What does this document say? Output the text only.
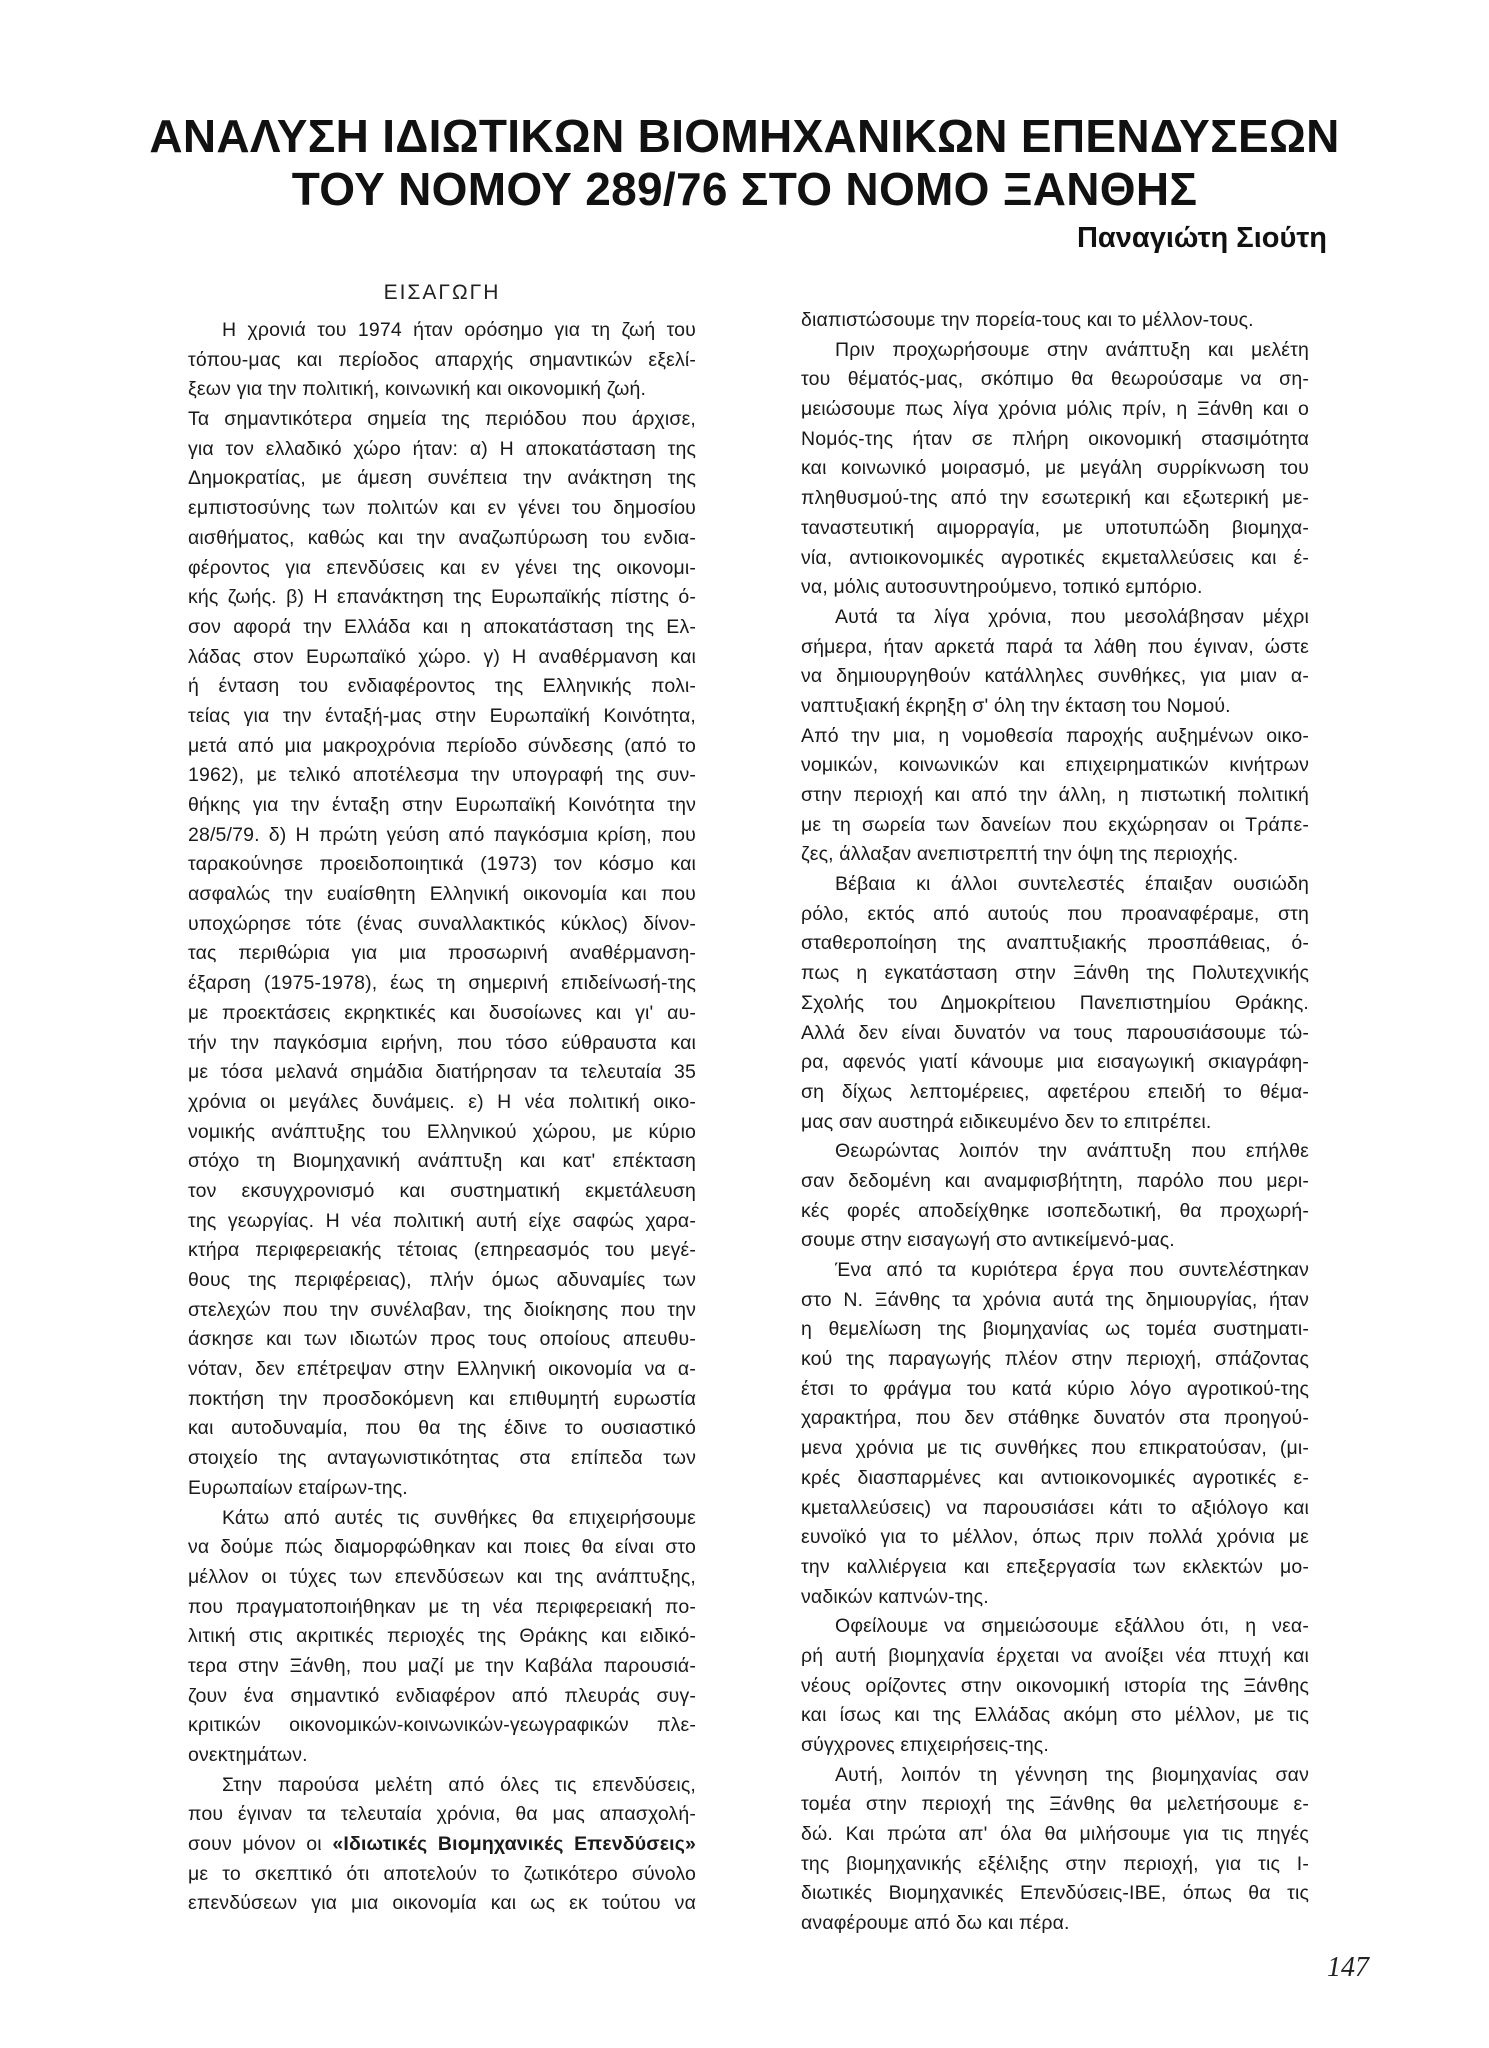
ΑΝΑΛΥΣΗ ΙΔΙΩΤΙΚΩΝ ΒΙΟΜΗΧΑΝΙΚΩΝ ΕΠΕΝΔΥΣΕΩΝ
ΤΟΥ ΝΟΜΟΥ 289/76 ΣΤΟ ΝΟΜΟ ΞΑΝΘΗΣ
Παναγιώτη Σιούτη
ΕΙΣΑΓΩΓΗ
Η χρονιά του 1974 ήταν ορόσημο για τη ζωή του
τόπου-μας και περίοδος απαρχής σημαντικών εξελί-
ξεων για την πολιτική, κοινωνική και οικονομική ζωή.
Τα σημαντικότερα σημεία της περιόδου που άρχισε,
για τον ελλαδικό χώρο ήταν: α) Η αποκατάσταση της
Δημοκρατίας, με άμεση συνέπεια την ανάκτηση της
εμπιστοσύνης των πολιτών και εν γένει του δημοσίου
αισθήματος, καθώς και την αναζωπύρωση του ενδια-
φέροντος για επενδύσεις και εν γένει της οικονομι-
κής ζωής. β) Η επανάκτηση της Ευρωπαϊκής πίστης ό-
σον αφορά την Ελλάδα και η αποκατάσταση της Ελ-
λάδας στον Ευρωπαϊκό χώρο. γ) Η αναθέρμανση και
ή ένταση του ενδιαφέροντος της Ελληνικής πολι-
τείας για την ένταξή-μας στην Ευρωπαϊκή Κοινότητα,
μετά από μια μακροχρόνια περίοδο σύνδεσης (από το
1962), με τελικό αποτέλεσμα την υπογραφή της συν-
θήκης για την ένταξη στην Ευρωπαϊκή Κοινότητα την
28/5/79. δ) Η πρώτη γεύση από παγκόσμια κρίση, που
ταρακούνησε προειδοποιητικά (1973) τον κόσμο και
ασφαλώς την ευαίσθητη Ελληνική οικονομία και που
υποχώρησε τότε (ένας συναλλακτικός κύκλος) δίνον-
τας περιθώρια για μια προσωρινή αναθέρμανση-
έξαρση (1975-1978), έως τη σημερινή επιδείνωσή-της
με προεκτάσεις εκρηκτικές και δυσοίωνες και γι' αυ-
τήν την παγκόσμια ειρήνη, που τόσο εύθραυστα και
με τόσα μελανά σημάδια διατήρησαν τα τελευταία 35
χρόνια οι μεγάλες δυνάμεις. ε) Η νέα πολιτική οικο-
νομικής ανάπτυξης του Ελληνικού χώρου, με κύριο
στόχο τη Βιομηχανική ανάπτυξη και κατ' επέκταση
τον εκσυγχρονισμό και συστηματική εκμετάλευση
της γεωργίας. Η νέα πολιτική αυτή είχε σαφώς χαρα-
κτήρα περιφερειακής τέτοιας (επηρεασμός του μεγέ-
θους της περιφέρειας), πλήν όμως αδυναμίες των
στελεχών που την συνέλαβαν, της διοίκησης που την
άσκησε και των ιδιωτών προς τους οποίους απευθυ-
νόταν, δεν επέτρεψαν στην Ελληνική οικονομία να α-
ποκτήση την προσδοκόμενη και επιθυμητή ευρωστία
και αυτοδυναμία, που θα της έδινε το ουσιαστικό
στοιχείο της ανταγωνιστικότητας στα επίπεδα των
Ευρωπαίων εταίρων-της.
Κάτω από αυτές τις συνθήκες θα επιχειρήσουμε
να δούμε πώς διαμορφώθηκαν και ποιες θα είναι στο
μέλλον οι τύχες των επενδύσεων και της ανάπτυξης,
που πραγματοποιήθηκαν με τη νέα περιφερειακή πο-
λιτική στις ακριτικές περιοχές της Θράκης και ειδικό-
τερα στην Ξάνθη, που μαζί με την Καβάλα παρουσιά-
ζουν ένα σημαντικό ενδιαφέρον από πλευράς συγ-
κριτικών οικονομικών-κοινωνικών-γεωγραφικών πλε-
ονεκτημάτων.
Στην παρούσα μελέτη από όλες τις επενδύσεις,
που έγιναν τα τελευταία χρόνια, θα μας απασχολή-
σουν μόνον οι «Ιδιωτικές Βιομηχανικές Επενδύσεις»
με το σκεπτικό ότι αποτελούν το ζωτικότερο σύνολο
επενδύσεων για μια οικονομία και ως εκ τούτου να
διαπιστώσουμε την πορεία-τους και το μέλλον-τους.
Πριν προχωρήσουμε στην ανάπτυξη και μελέτη
του θέματός-μας, σκόπιμο θα θεωρούσαμε να ση-
μειώσουμε πως λίγα χρόνια μόλις πρίν, η Ξάνθη και ο
Νομός-της ήταν σε πλήρη οικονομική στασιμότητα
και κοινωνικό μοιρασμό, με μεγάλη συρρίκνωση του
πληθυσμού-της από την εσωτερική και εξωτερική με-
ταναστευτική αιμορραγία, με υποτυπώδη βιομηχα-
νία, αντιοικονομικές αγροτικές εκμεταλλεύσεις και έ-
να, μόλις αυτοσυντηρούμενο, τοπικό εμπόριο.
Αυτά τα λίγα χρόνια, που μεσολάβησαν μέχρι
σήμερα, ήταν αρκετά παρά τα λάθη που έγιναν, ώστε
να δημιουργηθούν κατάλληλες συνθήκες, για μιαν α-
ναπτυξιακή έκρηξη σ' όλη την έκταση του Νομού.
Από την μια, η νομοθεσία παροχής αυξημένων οικο-
νομικών, κοινωνικών και επιχειρηματικών κινήτρων
στην περιοχή και από την άλλη, η πιστωτική πολιτική
με τη σωρεία των δανείων που εκχώρησαν οι Τράπε-
ζες, άλλαξαν ανεπιστρεπτή την όψη της περιοχής.
Βέβαια κι άλλοι συντελεστές έπαιξαν ουσιώδη
ρόλο, εκτός από αυτούς που προαναφέραμε, στη
σταθεροποίηση της αναπτυξιακής προσπάθειας, ό-
πως η εγκατάσταση στην Ξάνθη της Πολυτεχνικής
Σχολής του Δημοκρίτειου Πανεπιστημίου Θράκης.
Αλλά δεν είναι δυνατόν να τους παρουσιάσουμε τώ-
ρα, αφενός γιατί κάνουμε μια εισαγωγική σκιαγράφη-
ση δίχως λεπτομέρειες, αφετέρου επειδή το θέμα-
μας σαν αυστηρά ειδικευμένο δεν το επιτρέπει.
Θεωρώντας λοιπόν την ανάπτυξη που επήλθε
σαν δεδομένη και αναμφισβήτητη, παρόλο που μερι-
κές φορές αποδείχθηκε ισοπεδωτική, θα προχωρή-
σουμε στην εισαγωγή στο αντικείμενό-μας.
Ένα από τα κυριότερα έργα που συντελέστηκαν
στο Ν. Ξάνθης τα χρόνια αυτά της δημιουργίας, ήταν
η θεμελίωση της βιομηχανίας ως τομέα συστηματι-
κού της παραγωγής πλέον στην περιοχή, σπάζοντας
έτσι το φράγμα του κατά κύριο λόγο αγροτικού-της
χαρακτήρα, που δεν στάθηκε δυνατόν στα προηγού-
μενα χρόνια με τις συνθήκες που επικρατούσαν, (μι-
κρές διασπαρμένες και αντιοικονομικές αγροτικές ε-
κμεταλλεύσεις) να παρουσιάσει κάτι το αξιόλογο και
ευνοϊκό για το μέλλον, όπως πριν πολλά χρόνια με
την καλλιέργεια και επεξεργασία των εκλεκτών μο-
ναδικών καπνών-της.
Οφείλουμε να σημειώσουμε εξάλλου ότι, η νεα-
ρή αυτή βιομηχανία έρχεται να ανοίξει νέα πτυχή και
νέους ορίζοντες στην οικονομική ιστορία της Ξάνθης
και ίσως και της Ελλάδας ακόμη στο μέλλον, με τις
σύγχρονες επιχειρήσεις-της.
Αυτή, λοιπόν τη γέννηση της βιομηχανίας σαν
τομέα στην περιοχή της Ξάνθης θα μελετήσουμε ε-
δώ. Και πρώτα απ' όλα θα μιλήσουμε για τις πηγές
της βιομηχανικής εξέλιξης στην περιοχή, για τις Ι-
διωτικές Βιομηχανικές Επενδύσεις-ΙΒΕ, όπως θα τις
αναφέρουμε από δω και πέρα.
147
